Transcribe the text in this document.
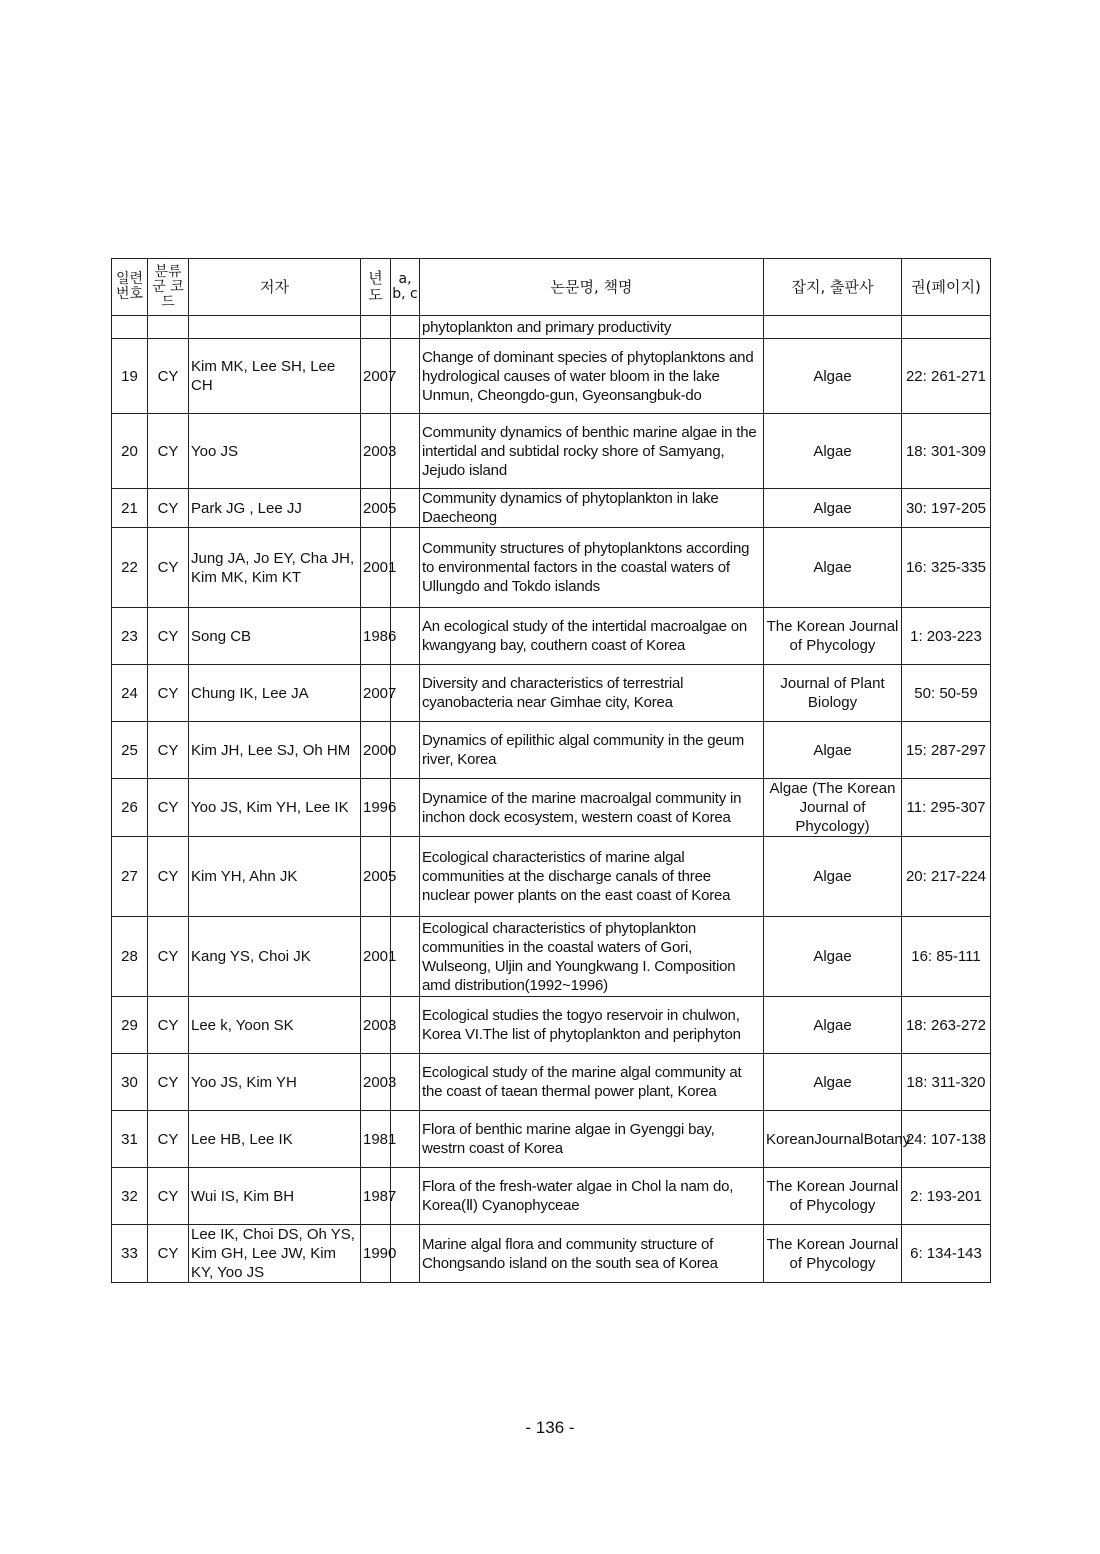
일련 번호	분류군 코드	저자	년도	a, b, c	논문명, 책명	잡지, 출판사	권(페이지)
					phytoplankton and primary productivity		
19	CY	Kim MK, Lee SH, Lee CH	2007		Change of dominant species of phytoplanktons and hydrological causes of water bloom in the lake Unmun, Cheongdo-gun, Gyeonsangbuk-do	Algae	22: 261-271
20	CY	Yoo JS	2003		Community dynamics of benthic marine algae in the intertidal and subtidal rocky shore of Samyang, Jejudo island	Algae	18: 301-309
21	CY	Park JG , Lee JJ	2005		Community dynamics of phytoplankton in lake Daecheong	Algae	30: 197-205
22	CY	Jung JA, Jo EY, Cha JH, Kim MK, Kim KT	2001		Community structures of phytoplanktons according to environmental factors in the coastal waters of Ullungdo and Tokdo islands	Algae	16: 325-335
23	CY	Song CB	1986		An ecological study of the intertidal macroalgae on kwangyang bay, couthern coast of Korea	The Korean Journal of Phycology	1: 203-223
24	CY	Chung IK, Lee JA	2007		Diversity and characteristics of terrestrial cyanobacteria near Gimhae city, Korea	Journal of Plant Biology	50: 50-59
25	CY	Kim JH, Lee SJ, Oh HM	2000		Dynamics of epilithic algal community in the geum river, Korea	Algae	15: 287-297
26	CY	Yoo JS, Kim YH, Lee IK	1996		Dynamice of the marine macroalgal community in inchon dock ecosystem, western coast of Korea	Algae (The Korean Journal of Phycology)	11: 295-307
27	CY	Kim YH, Ahn JK	2005		Ecological characteristics of marine algal communities at the discharge canals of three nuclear power plants on the east coast of Korea	Algae	20: 217-224
28	CY	Kang YS, Choi JK	2001		Ecological characteristics of phytoplankton communities in the coastal waters of Gori, Wulseong, Uljin and Youngkwang I. Composition amd distribution(1992~1996)	Algae	16: 85-111
29	CY	Lee k, Yoon SK	2003		Ecological studies the togyo reservoir in chulwon, Korea VI.The list of phytoplankton and periphyton	Algae	18: 263-272
30	CY	Yoo JS, Kim YH	2003		Ecological study of the marine algal community at the coast of taean thermal power plant, Korea	Algae	18: 311-320
31	CY	Lee HB, Lee IK	1981		Flora of benthic marine algae in Gyenggi bay, westrn coast of Korea	KoreanJournalBotany	24: 107-138
32	CY	Wui IS, Kim BH	1987		Flora of the fresh-water algae in Chol la nam do, Korea(Ⅱ) Cyanophyceae	The Korean Journal of Phycology	2: 193-201
33	CY	Lee IK, Choi DS, Oh YS, Kim GH, Lee JW, Kim KY, Yoo JS	1990		Marine algal flora and community structure of Chongsando island on the south sea of Korea	The Korean Journal of Phycology	6: 134-143
- 136 -
